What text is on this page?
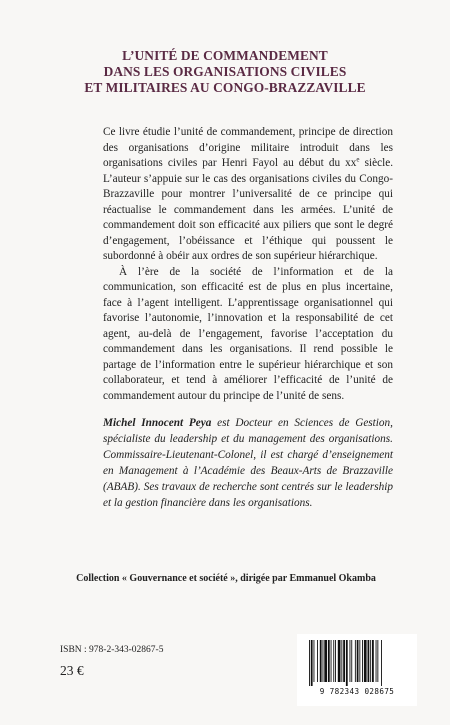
L’UNITÉ DE COMMANDEMENT
DANS LES ORGANISATIONS CIVILES
ET MILITAIRES AU CONGO-BRAZZAVILLE

Ce livre étudie l’unité de commandement, principe de direction des organisations d’origine militaire introduit dans les organisations civiles par Henri Fayol au début du $xx^e$ siècle. L’auteur s’appuie sur le cas des organisations civiles du Congo-Brazzaville pour montrer l’universalité de ce principe qui réactualise le commandement dans les armées. L’unité de commandement doit son efficacité aux piliers que sont le degré d’engagement, l’obéissance et l’éthique qui poussent le subordonné à obéir aux ordres de son supérieur hiérarchique.

À l’ère de la société de l’information et de la communication, son efficacité est de plus en plus incertaine, face à l’agent intelligent. L’apprentissage organisationnel qui favorise l’autonomie, l’innovation et la responsabilité de cet agent, au-delà de l’engagement, favorise l’acceptation du commandement dans les organisations. Il rend possible le partage de l’information entre le supérieur hiérarchique et son collaborateur, et tend à améliorer l’efficacité de l’unité de commandement autour du principe de l’unité de sens.

Michel Innocent Peya est Docteur en Sciences de Gestion, spécialiste du leadership et du management des organisations. Commissaire-Lieutenant-Colonel, il est chargé d’enseignement en Management à l’Académie des Beaux-Arts de Brazzaville (ABAB). Ses travaux de recherche sont centrés sur le leadership et la gestion financière dans les organisations.

Collection « Gouvernance et société », dirigée par Emmanuel Okamba
ISBN : 978-2-343-02867-5
23 €
9 782343 028675
